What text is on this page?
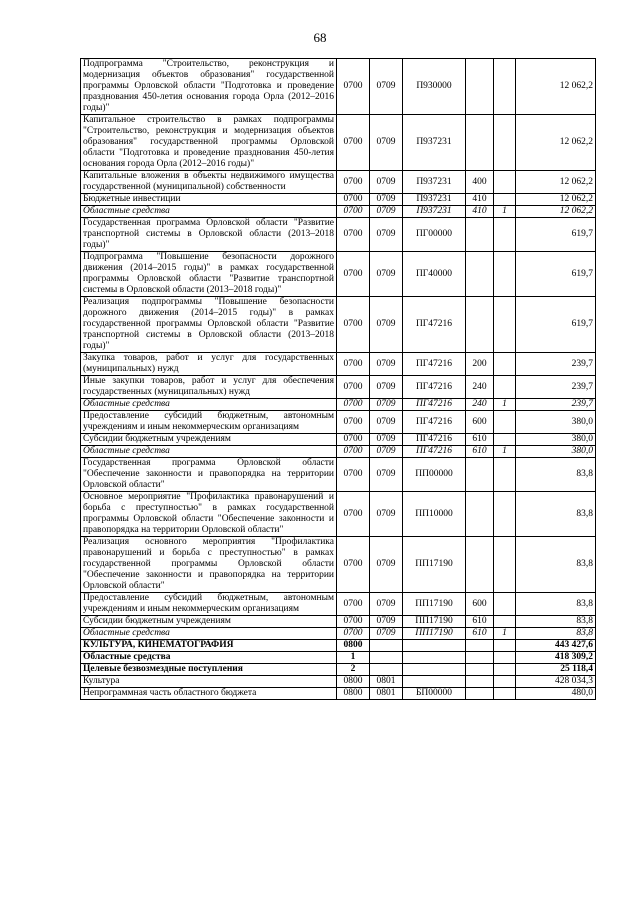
68
Подпрограмма "Строительство, реконструкция и модернизация объектов образования" государственной программы Орловской области "Подготовка и проведение празднования 450-летия основания города Орла (2012–2016 годы)"	0700	0709	П930000			12 062,2
Капитальное строительство в рамках подпрограммы "Строительство, реконструкция и модернизация объектов образования" государственной программы Орловской области "Подготовка и проведение празднования 450-летия основания города Орла (2012–2016 годы)"	0700	0709	П937231			12 062,2
Капитальные вложения в объекты недвижимого имущества государственной (муниципальной) собственности	0700	0709	П937231	400		12 062,2
Бюджетные инвестиции	0700	0709	П937231	410		12 062,2
Областные средства	0700	0709	П937231	410	1	12 062,2
Государственная программа Орловской области "Развитие транспортной системы в Орловской области (2013–2018 годы)"	0700	0709	ПГ00000			619,7
Подпрограмма "Повышение безопасности дорожного движения (2014–2015 годы)" в рамках государственной программы Орловской области "Развитие транспортной системы в Орловской области (2013–2018 годы)"	0700	0709	ПГ40000			619,7
Реализация подпрограммы "Повышение безопасности дорожного движения (2014–2015 годы)" в рамках государственной программы Орловской области "Развитие транспортной системы в Орловской области (2013–2018 годы)"	0700	0709	ПГ47216			619,7
Закупка товаров, работ и услуг для государственных (муниципальных) нужд	0700	0709	ПГ47216	200		239,7
Иные закупки товаров, работ и услуг для обеспечения государственных (муниципальных) нужд	0700	0709	ПГ47216	240		239,7
Областные средства	0700	0709	ПГ47216	240	1	239,7
Предоставление субсидий бюджетным, автономным учреждениям и иным некоммерческим организациям	0700	0709	ПГ47216	600		380,0
Субсидии бюджетным учреждениям	0700	0709	ПГ47216	610		380,0
Областные средства	0700	0709	ПГ47216	610	1	380,0
Государственная программа Орловской области "Обеспечение законности и правопорядка на территории Орловской области"	0700	0709	ПП00000			83,8
Основное мероприятие "Профилактика правонарушений и борьба с преступностью" в рамках государственной программы Орловской области "Обеспечение законности и правопорядка на территории Орловской области"	0700	0709	ПП10000			83,8
Реализация основного мероприятия "Профилактика правонарушений и борьба с преступностью" в рамках государственной программы Орловской области "Обеспечение законности и правопорядка на территории Орловской области"	0700	0709	ПП17190			83,8
Предоставление субсидий бюджетным, автономным учреждениям и иным некоммерческим организациям	0700	0709	ПП17190	600		83,8
Субсидии бюджетным учреждениям	0700	0709	ПП17190	610		83,8
Областные средства	0700	0709	ПП17190	610	1	83,8
КУЛЬТУРА, КИНЕМАТОГРАФИЯ	0800					443 427,6
Областные средства	1					418 309,2
Целевые безвозмездные поступления	2					25 118,4
Культура	0800	0801				428 034,3
Непрограммная часть областного бюджета	0800	0801	БП00000			480,0
